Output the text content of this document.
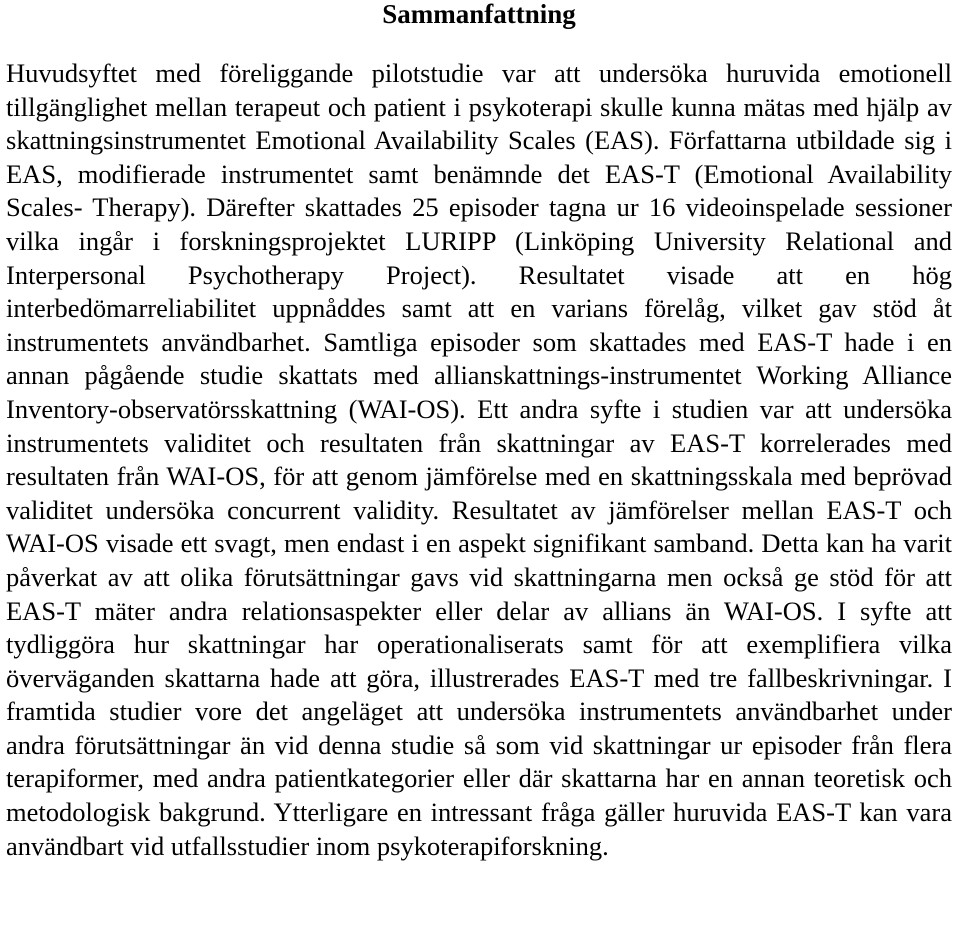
Sammanfattning

Huvudsyftet med föreliggande pilotstudie var att undersöka huruvida emotionell tillgänglighet mellan terapeut och patient i psykoterapi skulle kunna mätas med hjälp av skattningsinstrumentet Emotional Availability Scales (EAS). Författarna utbildade sig i EAS, modifierade instrumentet samt benämnde det EAS-T (Emotional Availability Scales- Therapy). Därefter skattades 25 episoder tagna ur 16 videoinspelade sessioner vilka ingår i forskningsprojektet LURIPP (Linköping University Relational and Interpersonal Psychotherapy Project). Resultatet visade att en hög interbedömarreliabilitet uppnåddes samt att en varians förelåg, vilket gav stöd åt instrumentets användbarhet. Samtliga episoder som skattades med EAS-T hade i en annan pågående studie skattats med allianskattnings-instrumentet Working Alliance Inventory-observatörsskattning (WAI-OS). Ett andra syfte i studien var att undersöka instrumentets validitet och resultaten från skattningar av EAS-T korrelerades med resultaten från WAI-OS, för att genom jämförelse med en skattningsskala med beprövad validitet undersöka concurrent validity. Resultatet av jämförelser mellan EAS-T och WAI-OS visade ett svagt, men endast i en aspekt signifikant samband. Detta kan ha varit påverkat av att olika förutsättningar gavs vid skattningarna men också ge stöd för att EAS-T mäter andra relationsaspekter eller delar av allians än WAI-OS. I syfte att tydliggöra hur skattningar har operationaliserats samt för att exemplifiera vilka överväganden skattarna hade att göra, illustrerades EAS-T med tre fallbeskrivningar. I framtida studier vore det angeläget att undersöka instrumentets användbarhet under andra förutsättningar än vid denna studie så som vid skattningar ur episoder från flera terapiformer, med andra patientkategorier eller där skattarna har en annan teoretisk och metodologisk bakgrund. Ytterligare en intressant fråga gäller huruvida EAS-T kan vara användbart vid utfallsstudier inom psykoterapiforskning.
